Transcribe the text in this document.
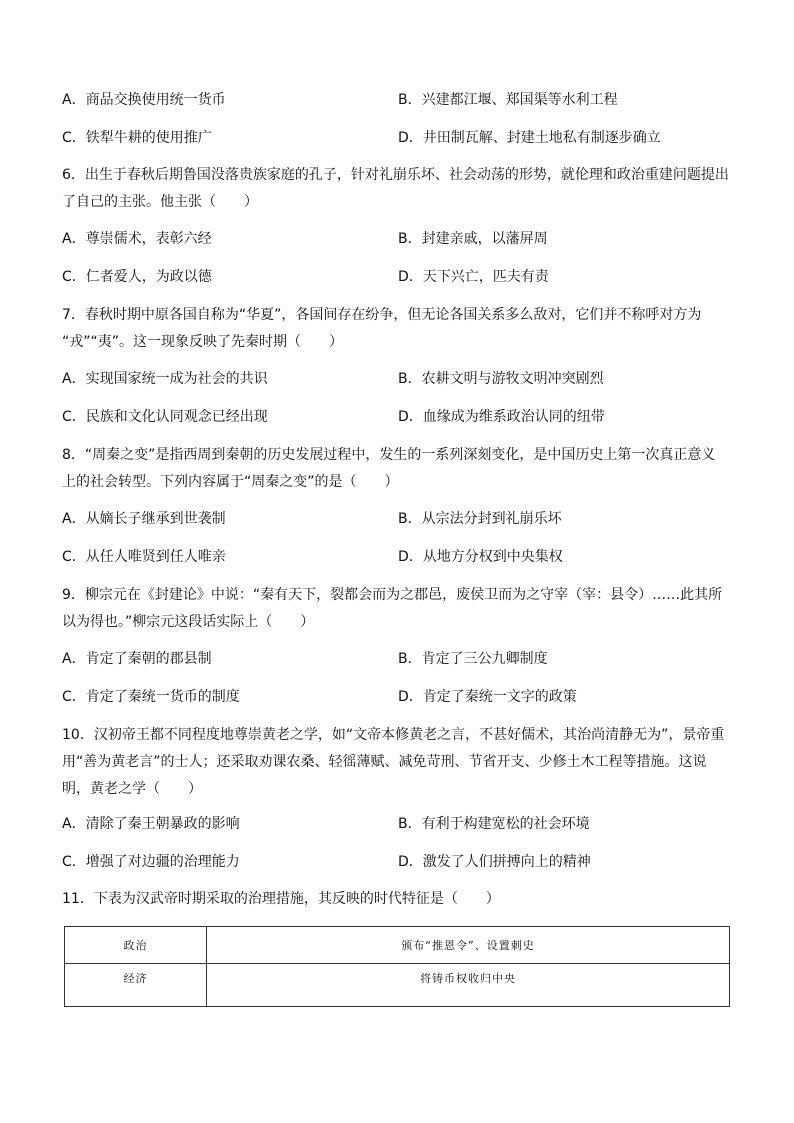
A．商品交换使用统一货币	B．兴建都江堰、郑国渠等水利工程
C．铁犁牛耕的使用推广	D．井田制瓦解、封建土地私有制逐步确立
6．出生于春秋后期鲁国没落贵族家庭的孔子，针对礼崩乐坏、社会动荡的形势，就伦理和政治重建问题提出
了自己的主张。他主张（　　）
A．尊崇儒术，表彰六经	B．封建亲戚，以藩屏周
C．仁者爱人，为政以德	D．天下兴亡，匹夫有责
7．春秋时期中原各国自称为“华夏”，各国间存在纷争，但无论各国关系多么敌对，它们并不称呼对方为
“戎”“夷”。这一现象反映了先秦时期（　　）
A．实现国家统一成为社会的共识	B．农耕文明与游牧文明冲突剧烈
C．民族和文化认同观念已经出现	D．血缘成为维系政治认同的纽带
8．“周秦之变”是指西周到秦朝的历史发展过程中，发生的一系列深刻变化，是中国历史上第一次真正意义
上的社会转型。下列内容属于“周秦之变”的是（　　）
A．从嫡长子继承到世袭制	B．从宗法分封到礼崩乐坏
C．从任人唯贤到任人唯亲	D．从地方分权到中央集权
9．柳宗元在《封建论》中说：“秦有天下，裂都会而为之郡邑，废侯卫而为之守宰（宰：县令）……此其所
以为得也。”柳宗元这段话实际上（　　）
A．肯定了秦朝的郡县制	B．肯定了三公九卿制度
C．肯定了秦统一货币的制度	D．肯定了秦统一文字的政策
10．汉初帝王都不同程度地尊崇黄老之学，如“文帝本修黄老之言，不甚好儒术，其治尚清静无为”，景帝重
用“善为黄老言”的士人；还采取劝课农桑、轻徭薄赋、减免苛刑、节省开支、少修土木工程等措施。这说
明，黄老之学（　　）
A．清除了秦王朝暴政的影响	B．有利于构建宽松的社会环境
C．增强了对边疆的治理能力	D．激发了人们拼搏向上的精神
11．下表为汉武帝时期采取的治理措施，其反映的时代特征是（　　）
政治	颁布“推恩令”、设置刺史
经济	将铸币权收归中央
